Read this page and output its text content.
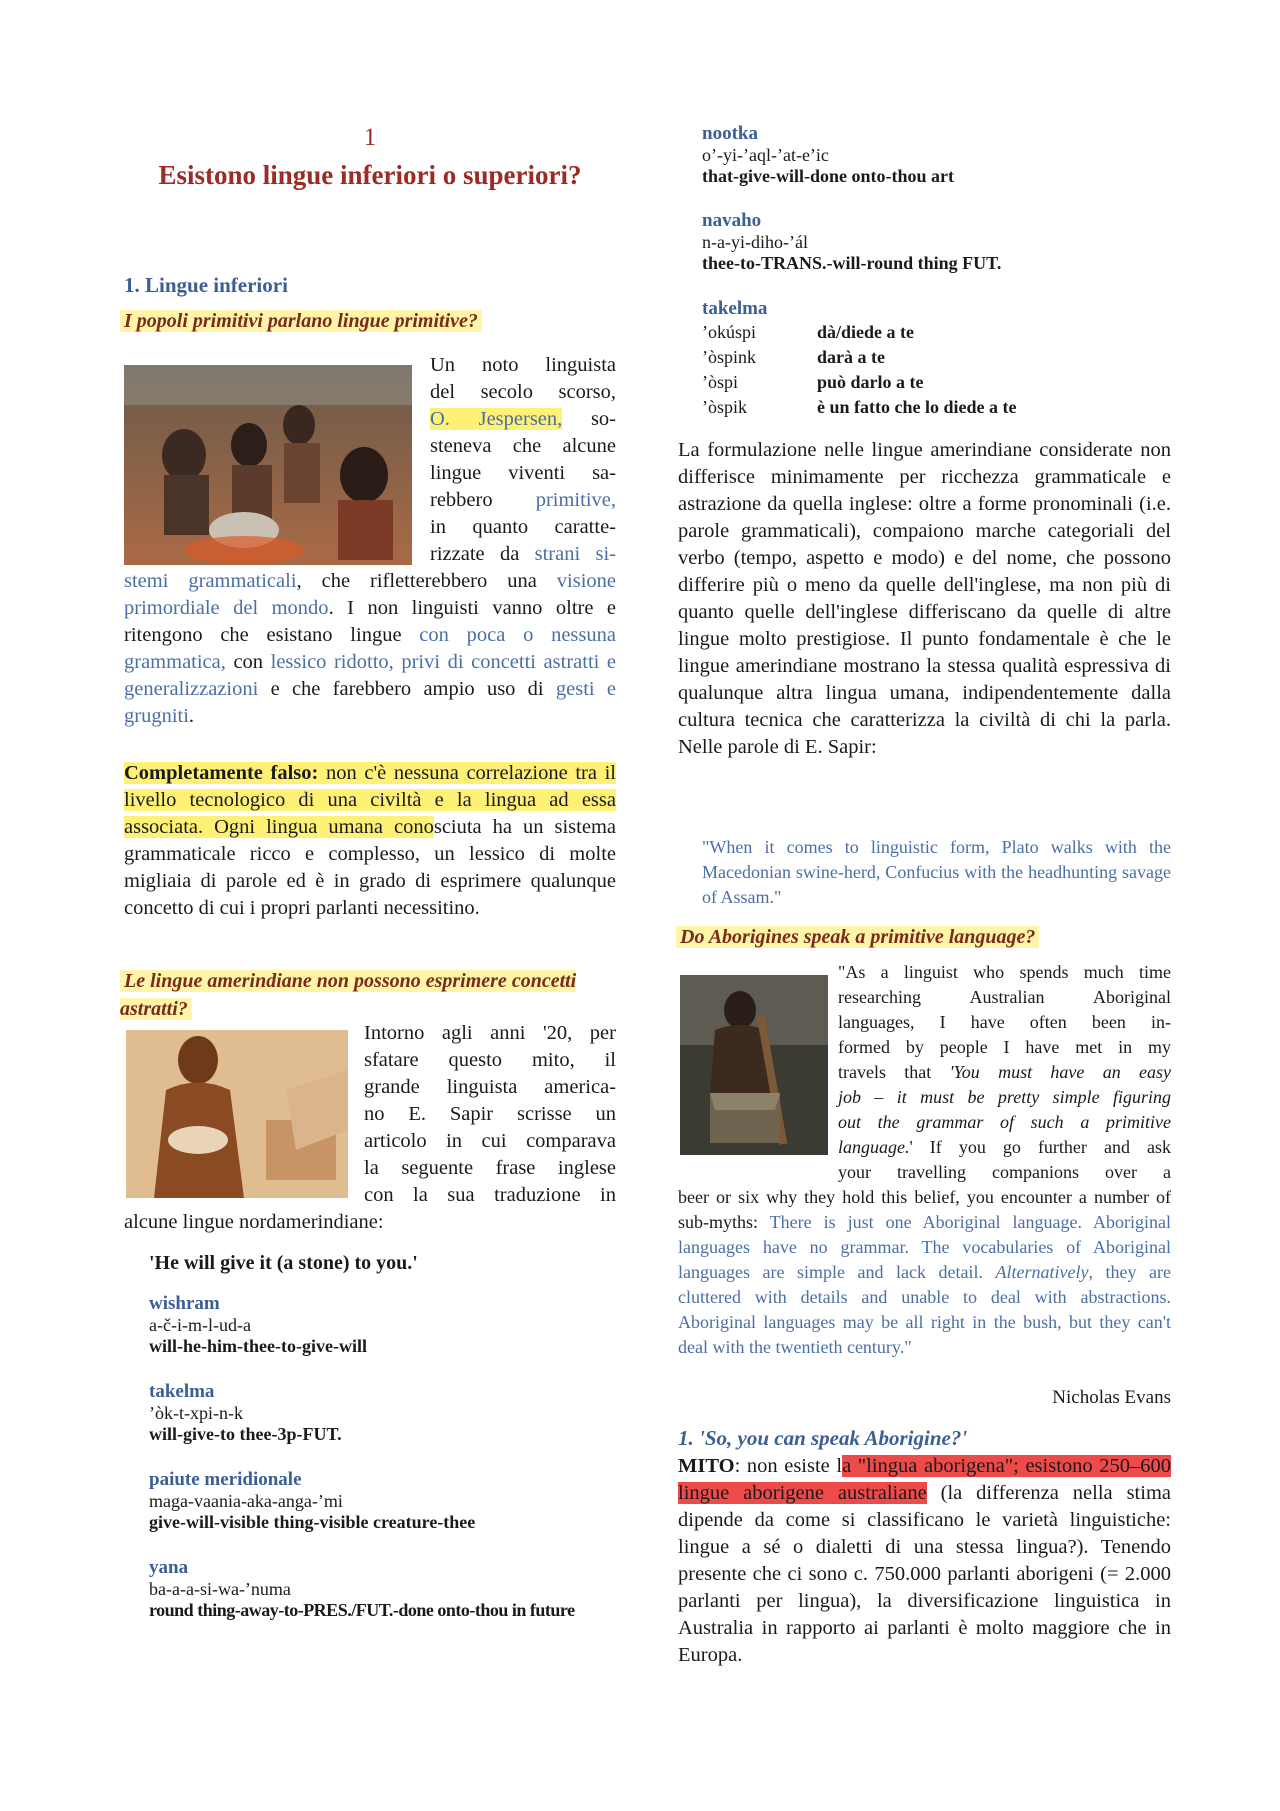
1
Esistono lingue inferiori o superiori?
1. Lingue inferiori
I popoli primitivi parlano lingue primitive?
Un noto linguista
del secolo scorso,
O. Jespersen, so-
steneva che alcune
lingue viventi sa-
rebbero primitive,
in quanto caratte-
rizzate da strani si-
stemi grammaticali, che rifletterebbero una visione primordiale del mondo. I non linguisti vanno oltre e ritengono che esistano lingue con poca o nessuna grammatica, con lessico ridotto, privi di concetti astratti e generalizzazioni e che farebbero ampio uso di gesti e grugniti.
Completamente falso: non c'è nessuna correlazione tra il livello tecnologico di una civiltà e la lingua ad essa associata. Ogni lingua umana conosciuta ha un sistema grammaticale ricco e complesso, un lessico di molte migliaia di parole ed è in grado di esprimere qualunque concetto di cui i propri parlanti necessitino.
Le lingue amerindiane non possono esprimere concetti astratti?
Intorno agli anni '20, per
sfatare questo mito, il
grande linguista america-
no E. Sapir scrisse un
articolo in cui comparava
la seguente frase inglese
con la sua traduzione in
alcune lingue nordamerindiane:
'He will give it (a stone) to you.'
wishram
a-č-i-m-l-ud-a
will-he-him-thee-to-give-will
takelma
’òk-t-xpi-n-k
will-give-to thee-3p-FUT.
paiute meridionale
maga-vaania-aka-anga-’mi
give-will-visible thing-visible creature-thee
yana
ba-a-a-si-wa-’numa
round thing-away-to-PRES./FUT.-done onto-thou in future
nootka
o’-yi-’aql-’at-e’ic
that-give-will-done onto-thou art
navaho
n-a-yi-diho-’ál
thee-to-TRANS.-will-round thing FUT.
takelma
’okúspi	dà/diede a te
’òspink	darà a te
’òspi	può darlo a te
’òspik	è un fatto che lo diede a te
La formulazione nelle lingue amerindiane considerate non differisce minimamente per ricchezza grammaticale e astrazione da quella inglese: oltre a forme pronominali (i.e. parole grammaticali), compaiono marche categoriali del verbo (tempo, aspetto e modo) e del nome, che possono differire più o meno da quelle dell'inglese, ma non più di quanto quelle dell'inglese differiscano da quelle di altre lingue molto prestigiose. Il punto fondamentale è che le lingue amerindiane mostrano la stessa qualità espressiva di qualunque altra lingua umana, indipendentemente dalla cultura tecnica che caratterizza la civiltà di chi la parla. Nelle parole di E. Sapir:
"When it comes to linguistic form, Plato walks with the Macedonian swine-herd, Confucius with the headhunting savage of Assam."
Do Aborigines speak a primitive language?
"As a linguist who spends much time
researching Australian Aboriginal
languages, I have often been in-
formed by people I have met in my
travels that 'You must have an easy
job – it must be pretty simple figuring
out the grammar of such a primitive
language.' If you go further and ask
your travelling companions over a
beer or six why they hold this belief, you encounter a number of sub-myths: There is just one Aboriginal language. Aboriginal languages have no grammar. The vocabularies of Aboriginal languages are simple and lack detail. Alternatively, they are cluttered with details and unable to deal with abstractions. Aboriginal languages may be all right in the bush, but they can't deal with the twentieth century."
Nicholas Evans
1. 'So, you can speak Aborigine?'
MITO: non esiste la "lingua aborigena"; esistono 250–600 lingue aborigene australiane (la differenza nella stima dipende da come si classificano le varietà linguistiche: lingue a sé o dialetti di una stessa lingua?). Tenendo presente che ci sono c. 750.000 parlanti aborigeni (= 2.000 parlanti per lingua), la diversificazione linguistica in Australia in rapporto ai parlanti è molto maggiore che in Europa.
